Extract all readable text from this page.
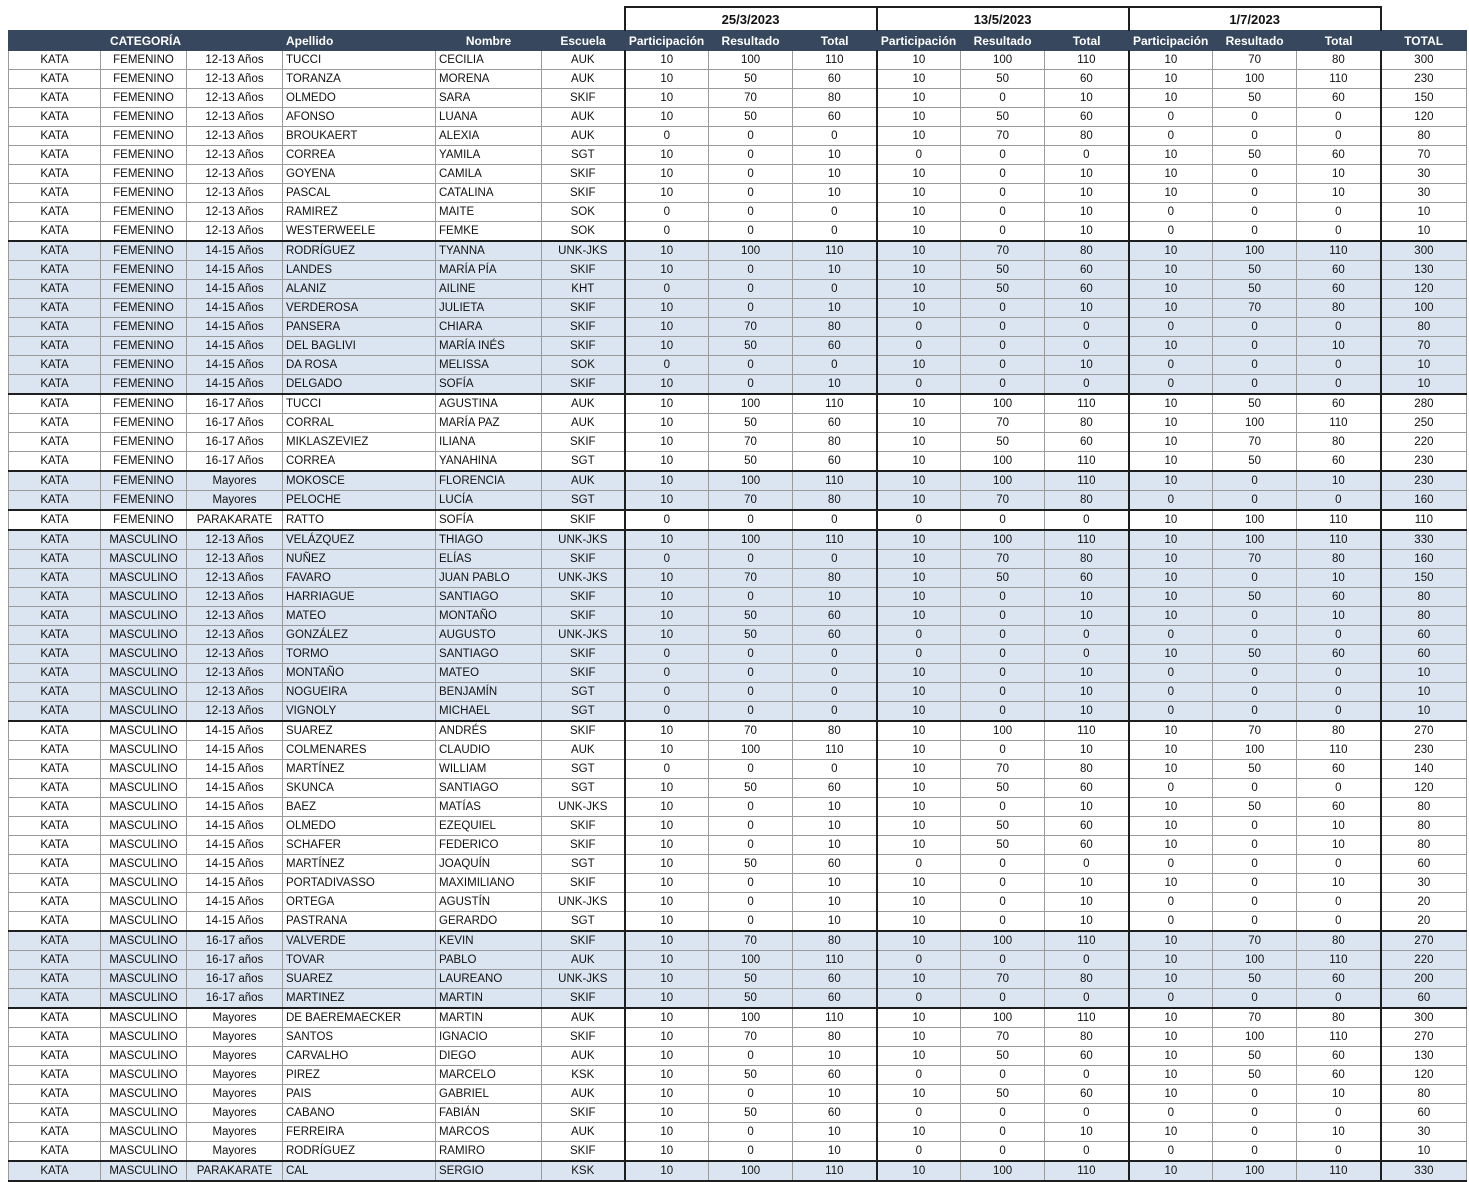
						25/3/2023			13/5/2023			1/7/2023			
CATEGORÍA			Apellido	Nombre	Escuela	Participación	Resultado	Total	Participación	Resultado	Total	Participación	Resultado	Total	TOTAL
KATA	FEMENINO	12-13 Años	TUCCI	CECILIA	AUK	10	100	110	10	100	110	10	70	80	300
KATA	FEMENINO	12-13 Años	TORANZA	MORENA	AUK	10	50	60	10	50	60	10	100	110	230
KATA	FEMENINO	12-13 Años	OLMEDO	SARA	SKIF	10	70	80	10	0	10	10	50	60	150
KATA	FEMENINO	12-13 Años	AFONSO	LUANA	AUK	10	50	60	10	50	60	0	0	0	120
KATA	FEMENINO	12-13 Años	BROUKAERT	ALEXIA	AUK	0	0	0	10	70	80	0	0	0	80
KATA	FEMENINO	12-13 Años	CORREA	YAMILA	SGT	10	0	10	0	0	0	10	50	60	70
KATA	FEMENINO	12-13 Años	GOYENA	CAMILA	SKIF	10	0	10	10	0	10	10	0	10	30
KATA	FEMENINO	12-13 Años	PASCAL	CATALINA	SKIF	10	0	10	10	0	10	10	0	10	30
KATA	FEMENINO	12-13 Años	RAMIREZ	MAITE	SOK	0	0	0	10	0	10	0	0	0	10
KATA	FEMENINO	12-13 Años	WESTERWEELE	FEMKE	SOK	0	0	0	10	0	10	0	0	0	10
KATA	FEMENINO	14-15 Años	RODRÍGUEZ	TYANNA	UNK-JKS	10	100	110	10	70	80	10	100	110	300
KATA	FEMENINO	14-15 Años	LANDES	MARÍA PÍA	SKIF	10	0	10	10	50	60	10	50	60	130
KATA	FEMENINO	14-15 Años	ALANIZ	AILINE	KHT	0	0	0	10	50	60	10	50	60	120
KATA	FEMENINO	14-15 Años	VERDEROSA	JULIETA	SKIF	10	0	10	10	0	10	10	70	80	100
KATA	FEMENINO	14-15 Años	PANSERA	CHIARA	SKIF	10	70	80	0	0	0	0	0	0	80
KATA	FEMENINO	14-15 Años	DEL BAGLIVI	MARÍA INÉS	SKIF	10	50	60	0	0	0	10	0	10	70
KATA	FEMENINO	14-15 Años	DA ROSA	MELISSA	SOK	0	0	0	10	0	10	0	0	0	10
KATA	FEMENINO	14-15 Años	DELGADO	SOFÍA	SKIF	10	0	10	0	0	0	0	0	0	10
KATA	FEMENINO	16-17 Años	TUCCI	AGUSTINA	AUK	10	100	110	10	100	110	10	50	60	280
KATA	FEMENINO	16-17 Años	CORRAL	MARÍA PAZ	AUK	10	50	60	10	70	80	10	100	110	250
KATA	FEMENINO	16-17 Años	MIKLASZEVIEZ	ILIANA	SKIF	10	70	80	10	50	60	10	70	80	220
KATA	FEMENINO	16-17 Años	CORREA	YANAHINA	SGT	10	50	60	10	100	110	10	50	60	230
KATA	FEMENINO	Mayores	MOKOSCE	FLORENCIA	AUK	10	100	110	10	100	110	10	0	10	230
KATA	FEMENINO	Mayores	PELOCHE	LUCÍA	SGT	10	70	80	10	70	80	0	0	0	160
KATA	FEMENINO	PARAKARATE	RATTO	SOFÍA	SKIF	0	0	0	0	0	0	10	100	110	110
KATA	MASCULINO	12-13 Años	VELÁZQUEZ	THIAGO	UNK-JKS	10	100	110	10	100	110	10	100	110	330
KATA	MASCULINO	12-13 Años	NUÑEZ	ELÍAS	SKIF	0	0	0	10	70	80	10	70	80	160
KATA	MASCULINO	12-13 Años	FAVARO	JUAN PABLO	UNK-JKS	10	70	80	10	50	60	10	0	10	150
KATA	MASCULINO	12-13 Años	HARRIAGUE	SANTIAGO	SKIF	10	0	10	10	0	10	10	50	60	80
KATA	MASCULINO	12-13 Años	MATEO	MONTAÑO	SKIF	10	50	60	10	0	10	10	0	10	80
KATA	MASCULINO	12-13 Años	GONZÁLEZ	AUGUSTO	UNK-JKS	10	50	60	0	0	0	0	0	0	60
KATA	MASCULINO	12-13 Años	TORMO	SANTIAGO	SKIF	0	0	0	0	0	0	10	50	60	60
KATA	MASCULINO	12-13 Años	MONTAÑO	MATEO	SKIF	0	0	0	10	0	10	0	0	0	10
KATA	MASCULINO	12-13 Años	NOGUEIRA	BENJAMÍN	SGT	0	0	0	10	0	10	0	0	0	10
KATA	MASCULINO	12-13 Años	VIGNOLY	MICHAEL	SGT	0	0	0	10	0	10	0	0	0	10
KATA	MASCULINO	14-15 Años	SUAREZ	ANDRÉS	SKIF	10	70	80	10	100	110	10	70	80	270
KATA	MASCULINO	14-15 Años	COLMENARES	CLAUDIO	AUK	10	100	110	10	0	10	10	100	110	230
KATA	MASCULINO	14-15 Años	MARTÍNEZ	WILLIAM	SGT	0	0	0	10	70	80	10	50	60	140
KATA	MASCULINO	14-15 Años	SKUNCA	SANTIAGO	SGT	10	50	60	10	50	60	0	0	0	120
KATA	MASCULINO	14-15 Años	BAEZ	MATÍAS	UNK-JKS	10	0	10	10	0	10	10	50	60	80
KATA	MASCULINO	14-15 Años	OLMEDO	EZEQUIEL	SKIF	10	0	10	10	50	60	10	0	10	80
KATA	MASCULINO	14-15 Años	SCHAFER	FEDERICO	SKIF	10	0	10	10	50	60	10	0	10	80
KATA	MASCULINO	14-15 Años	MARTÍNEZ	JOAQUÍN	SGT	10	50	60	0	0	0	0	0	0	60
KATA	MASCULINO	14-15 Años	PORTADIVASSO	MAXIMILIANO	SKIF	10	0	10	10	0	10	10	0	10	30
KATA	MASCULINO	14-15 Años	ORTEGA	AGUSTÍN	UNK-JKS	10	0	10	10	0	10	0	0	0	20
KATA	MASCULINO	14-15 Años	PASTRANA	GERARDO	SGT	10	0	10	10	0	10	0	0	0	20
KATA	MASCULINO	16-17 años	VALVERDE	KEVIN	SKIF	10	70	80	10	100	110	10	70	80	270
KATA	MASCULINO	16-17 años	TOVAR	PABLO	AUK	10	100	110	0	0	0	10	100	110	220
KATA	MASCULINO	16-17 años	SUAREZ	LAUREANO	UNK-JKS	10	50	60	10	70	80	10	50	60	200
KATA	MASCULINO	16-17 años	MARTINEZ	MARTIN	SKIF	10	50	60	0	0	0	0	0	0	60
KATA	MASCULINO	Mayores	DE BAEREMAECKER	MARTIN	AUK	10	100	110	10	100	110	10	70	80	300
KATA	MASCULINO	Mayores	SANTOS	IGNACIO	SKIF	10	70	80	10	70	80	10	100	110	270
KATA	MASCULINO	Mayores	CARVALHO	DIEGO	AUK	10	0	10	10	50	60	10	50	60	130
KATA	MASCULINO	Mayores	PIREZ	MARCELO	KSK	10	50	60	0	0	0	10	50	60	120
KATA	MASCULINO	Mayores	PAIS	GABRIEL	AUK	10	0	10	10	50	60	10	0	10	80
KATA	MASCULINO	Mayores	CABANO	FABIÁN	SKIF	10	50	60	0	0	0	0	0	0	60
KATA	MASCULINO	Mayores	FERREIRA	MARCOS	AUK	10	0	10	10	0	10	10	0	10	30
KATA	MASCULINO	Mayores	RODRÍGUEZ	RAMIRO	SKIF	10	0	10	0	0	0	0	0	0	10
KATA	MASCULINO	PARAKARATE	CAL	SERGIO	KSK	10	100	110	10	100	110	10	100	110	330
